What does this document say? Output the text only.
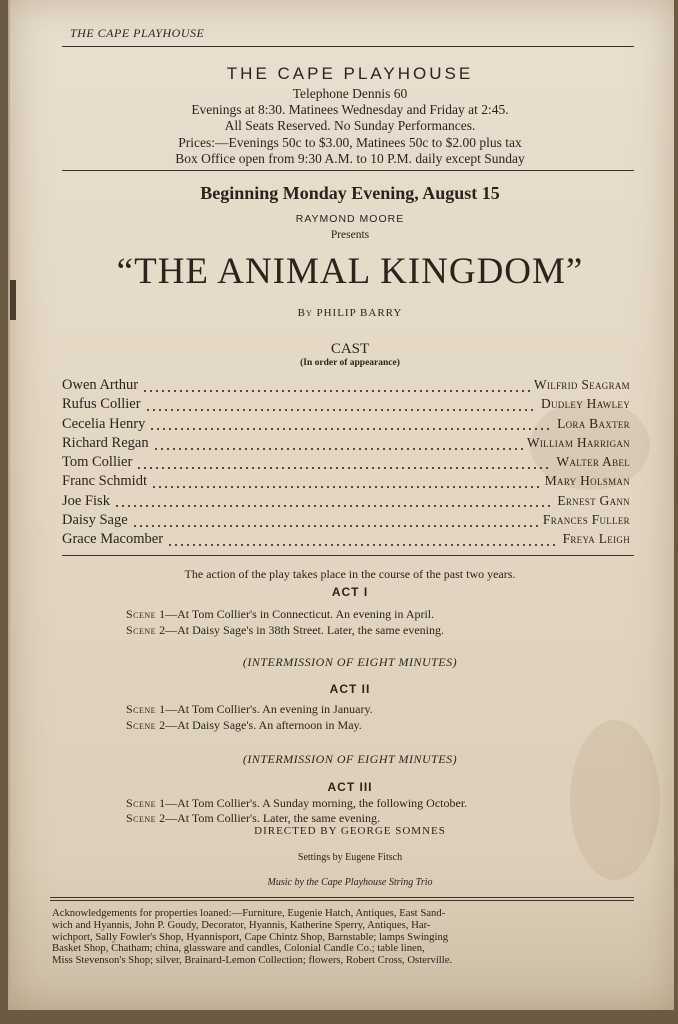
THE CAPE PLAYHOUSE
THE CAPE PLAYHOUSE
Telephone Dennis 60
Evenings at 8:30. Matinees Wednesday and Friday at 2:45.
All Seats Reserved. No Sunday Performances.
Prices:—Evenings 50c to $3.00, Matinees 50c to $2.00 plus tax
Box Office open from 9:30 A.M. to 10 P.M. daily except Sunday
Beginning Monday Evening, August 15
RAYMOND MOORE
Presents
“THE ANIMAL KINGDOM”
By PHILIP BARRY
CAST
(In order of appearance)
Owen Arthur	Wilfrid Seagram
Rufus Collier	Dudley Hawley
Cecelia Henry	Lora Baxter
Richard Regan	William Harrigan
Tom Collier	Walter Abel
Franc Schmidt	Mary Holsman
Joe Fisk	Ernest Gann
Daisy Sage	Frances Fuller
Grace Macomber	Freya Leigh
The action of the play takes place in the course of the past two years.
ACT I
Scene 1—At Tom Collier's in Connecticut. An evening in April.
Scene 2—At Daisy Sage's in 38th Street. Later, the same evening.
(INTERMISSION OF EIGHT MINUTES)
ACT II
Scene 1—At Tom Collier's. An evening in January.
Scene 2—At Daisy Sage's. An afternoon in May.
(INTERMISSION OF EIGHT MINUTES)
ACT III
Scene 1—At Tom Collier's. A Sunday morning, the following October.
Scene 2—At Tom Collier's. Later, the same evening.
DIRECTED BY GEORGE SOMNES
Settings by Eugene Fitsch
Music by the Cape Playhouse String Trio
Acknowledgements for properties loaned:—Furniture, Eugenie Hatch, Antiques, East Sand-
wich and Hyannis, John P. Goudy, Decorator, Hyannis, Katherine Sperry, Antiques, Har-
wichport, Sally Fowler's Shop, Hyannisport, Cape Chintz Shop, Barnstable; lamps Swinging
Basket Shop, Chatham; china, glassware and candles, Colonial Candle Co.; table linen,
Miss Stevenson's Shop; silver, Brainard-Lemon Collection; flowers, Robert Cross, Osterville.
